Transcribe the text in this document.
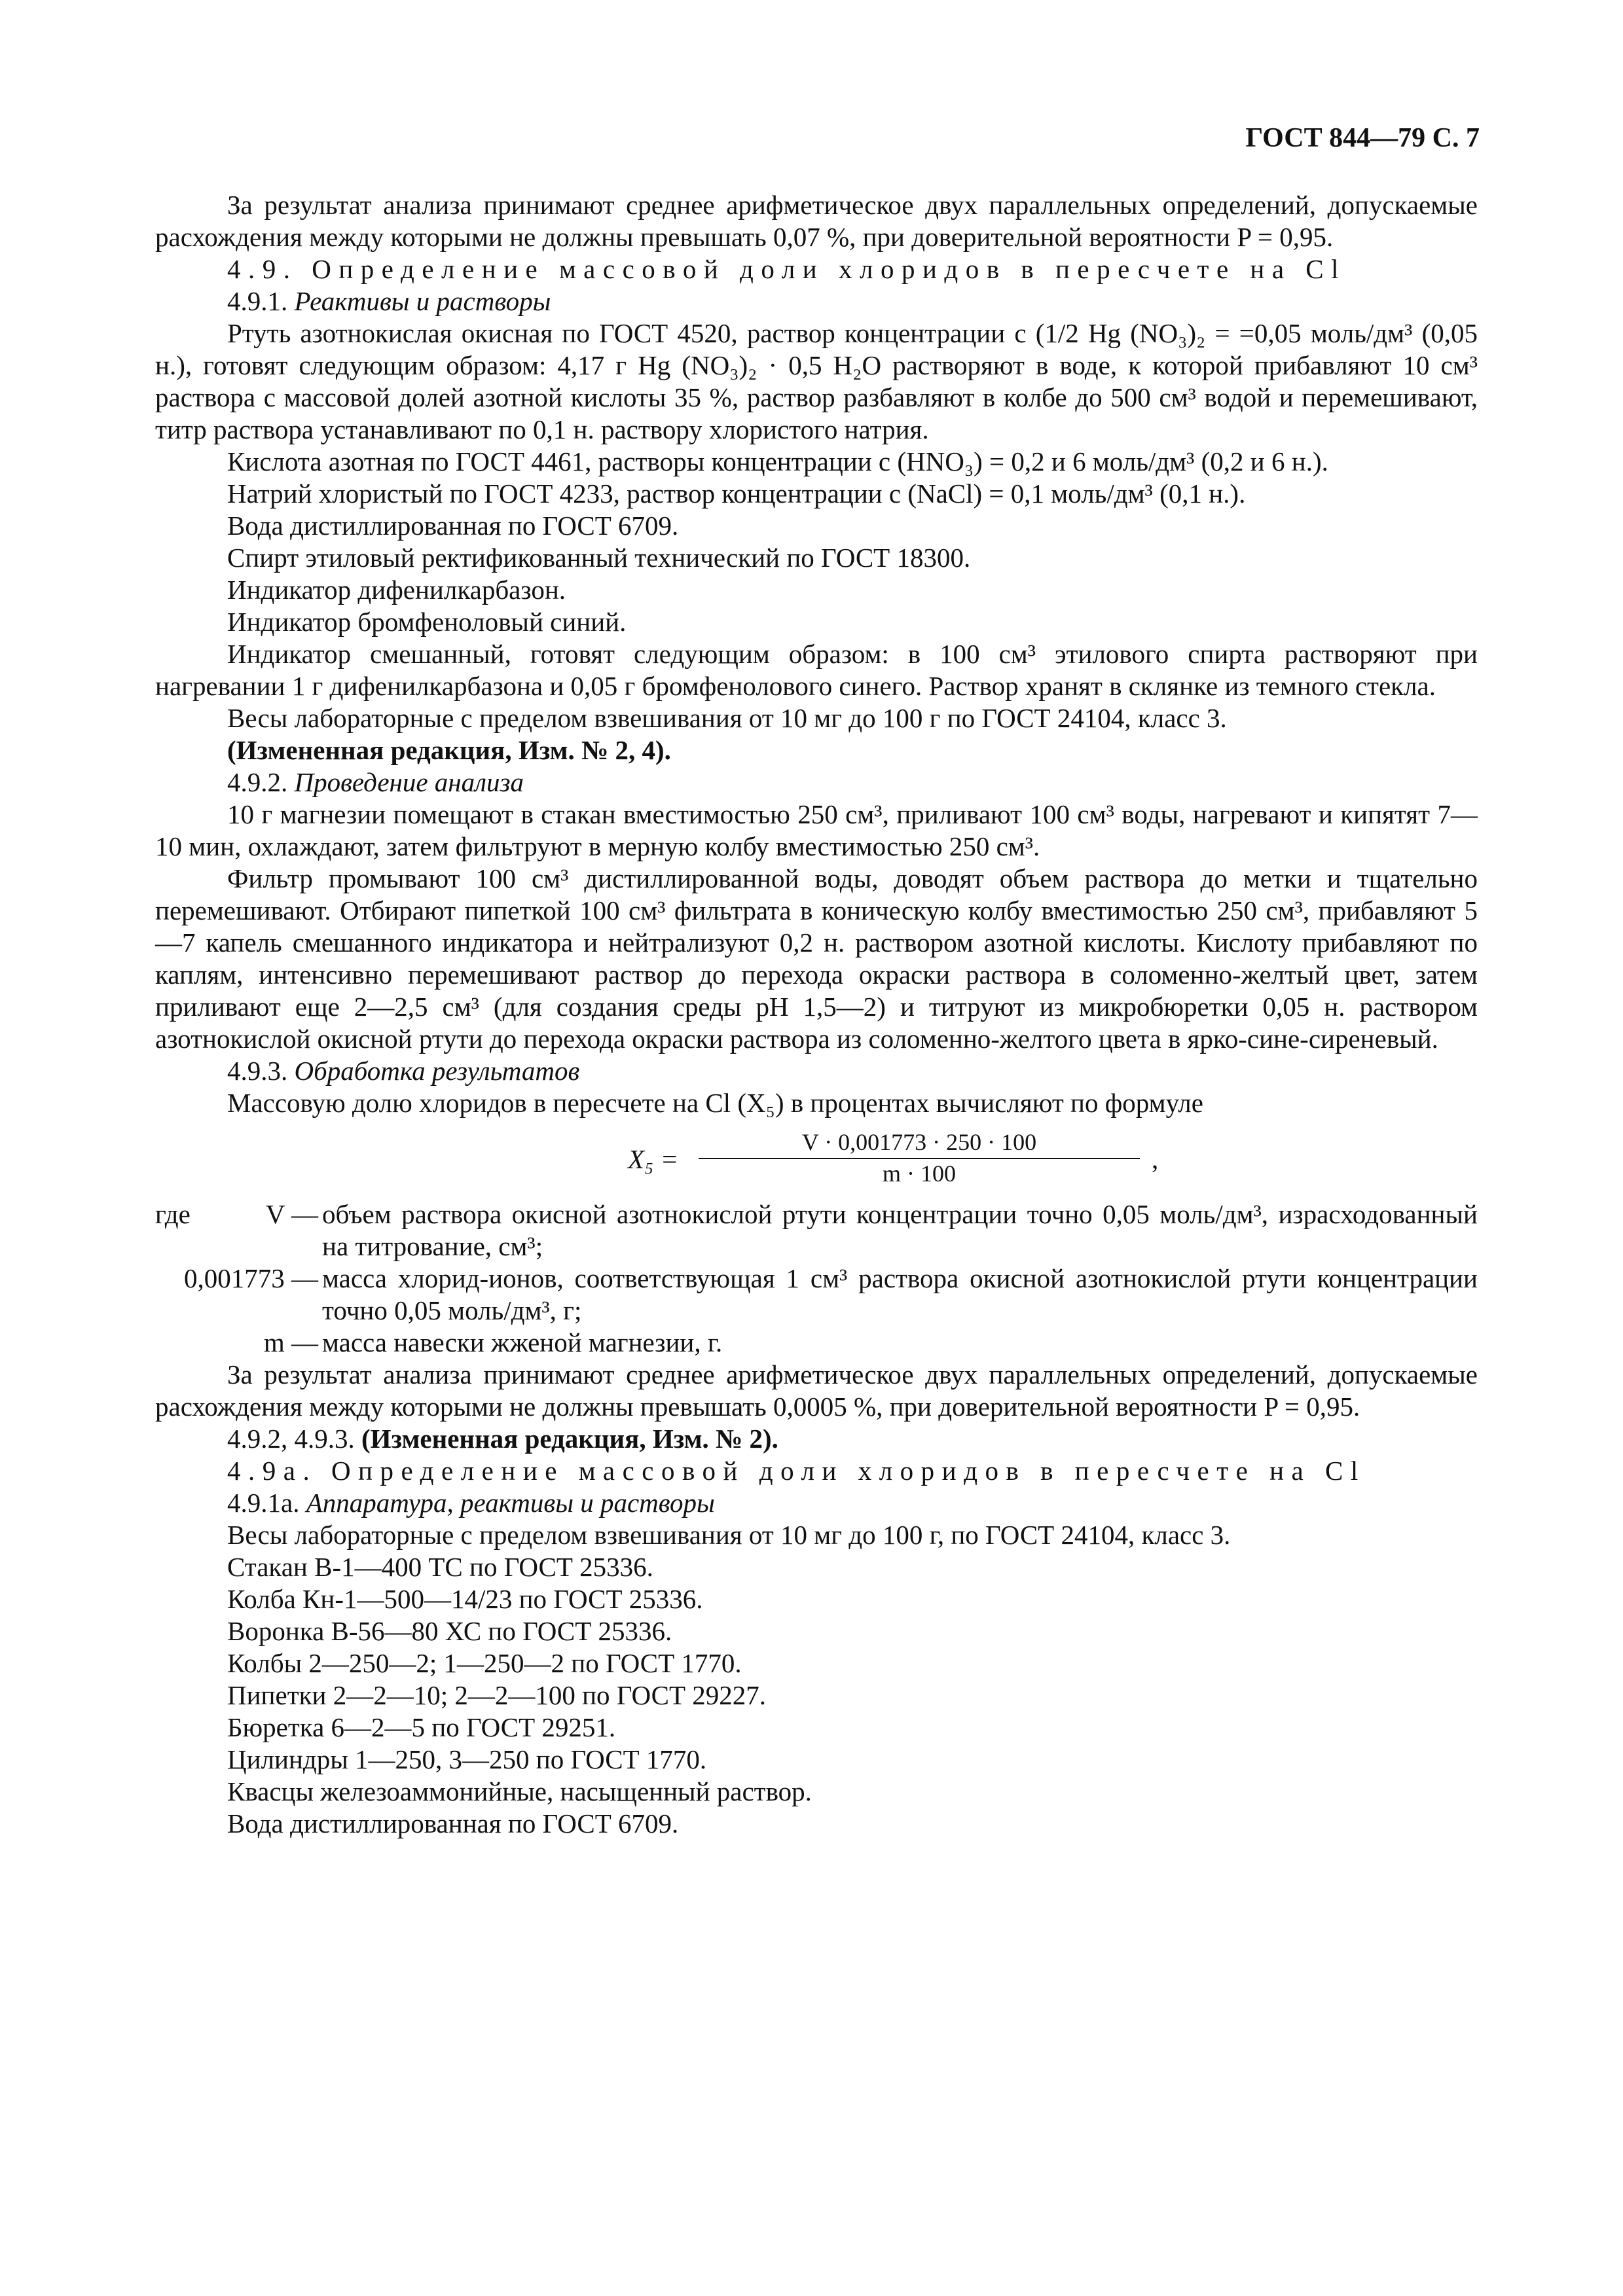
ГОСТ 844—79 С. 7

За результат анализа принимают среднее арифметическое двух параллельных определений, допускаемые расхождения между которыми не должны превышать 0,07 %, при доверительной вероятности P = 0,95.

4.9. Определение массовой доли хлоридов в пересчете на Cl

4.9.1. Реактивы и растворы

Ртуть азотнокислая окисная по ГОСТ 4520, раствор концентрации c (1/2 Hg (NO₃)₂ = =0,05 моль/дм³ (0,05 н.), готовят следующим образом: 4,17 г Hg (NO₃)₂ · 0,5 H₂O растворяют в воде, к которой прибавляют 10 см³ раствора с массовой долей азотной кислоты 35 %, раствор разбавляют в колбе до 500 см³ водой и перемешивают, титр раствора устанавливают по 0,1 н. раствору хлористого натрия.

Кислота азотная по ГОСТ 4461, растворы концентрации c (HNO₃) = 0,2 и 6 моль/дм³ (0,2 и 6 н.).

Натрий хлористый по ГОСТ 4233, раствор концентрации c (NaCl) = 0,1 моль/дм³ (0,1 н.).

Вода дистиллированная по ГОСТ 6709.

Спирт этиловый ректификованный технический по ГОСТ 18300.

Индикатор дифенилкарбазон.

Индикатор бромфеноловый синий.

Индикатор смешанный, готовят следующим образом: в 100 см³ этилового спирта растворяют при нагревании 1 г дифенилкарбазона и 0,05 г бромфенолового синего. Раствор хранят в склянке из темного стекла.

Весы лабораторные с пределом взвешивания от 10 мг до 100 г по ГОСТ 24104, класс 3.

(Измененная редакция, Изм. № 2, 4).

4.9.2. Проведение анализа

10 г магнезии помещают в стакан вместимостью 250 см³, приливают 100 см³ воды, нагревают и кипятят 7—10 мин, охлаждают, затем фильтруют в мерную колбу вместимостью 250 см³.

Фильтр промывают 100 см³ дистиллированной воды, доводят объем раствора до метки и тщательно перемешивают. Отбирают пипеткой 100 см³ фильтрата в коническую колбу вместимостью 250 см³, прибавляют 5—7 капель смешанного индикатора и нейтрализуют 0,2 н. раствором азотной кислоты. Кислоту прибавляют по каплям, интенсивно перемешивают раствор до перехода окраски раствора в соломенно-желтый цвет, затем приливают еще 2—2,5 см³ (для создания среды pH 1,5—2) и титруют из микробюретки 0,05 н. раствором азотнокислой окисной ртути до перехода окраски раствора из соломенно-желтого цвета в ярко-сине-сиреневый.

4.9.3. Обработка результатов

Массовую долю хлоридов в пересчете на Cl (X₅) в процентах вычисляют по формуле

X₅ =
V · 0,001773 · 250 · 100
m · 100	,
где	V — объем раствора окисной азотнокислой ртути концентрации точно 0,05 моль/дм³, израсходованный на титрование, см³;
0,001773 — масса хлорид-ионов, соответствующая 1 см³ раствора окисной азотнокислой ртути концентрации точно 0,05 моль/дм³, г;
m — масса навески жженой магнезии, г.

За результат анализа принимают среднее арифметическое двух параллельных определений, допускаемые расхождения между которыми не должны превышать 0,0005 %, при доверительной вероятности P = 0,95.

4.9.2, 4.9.3. (Измененная редакция, Изм. № 2).

4.9а. Определение массовой доли хлоридов в пересчете на Cl

4.9.1а. Аппаратура, реактивы и растворы

Весы лабораторные с пределом взвешивания от 10 мг до 100 г, по ГОСТ 24104, класс 3.

Стакан В-1—400 ТС по ГОСТ 25336.

Колба Кн-1—500—14/23 по ГОСТ 25336.

Воронка В-56—80 ХС по ГОСТ 25336.

Колбы 2—250—2; 1—250—2 по ГОСТ 1770.

Пипетки 2—2—10; 2—2—100 по ГОСТ 29227.

Бюретка 6—2—5 по ГОСТ 29251.

Цилиндры 1—250, 3—250 по ГОСТ 1770.

Квасцы железоаммонийные, насыщенный раствор.

Вода дистиллированная по ГОСТ 6709.
